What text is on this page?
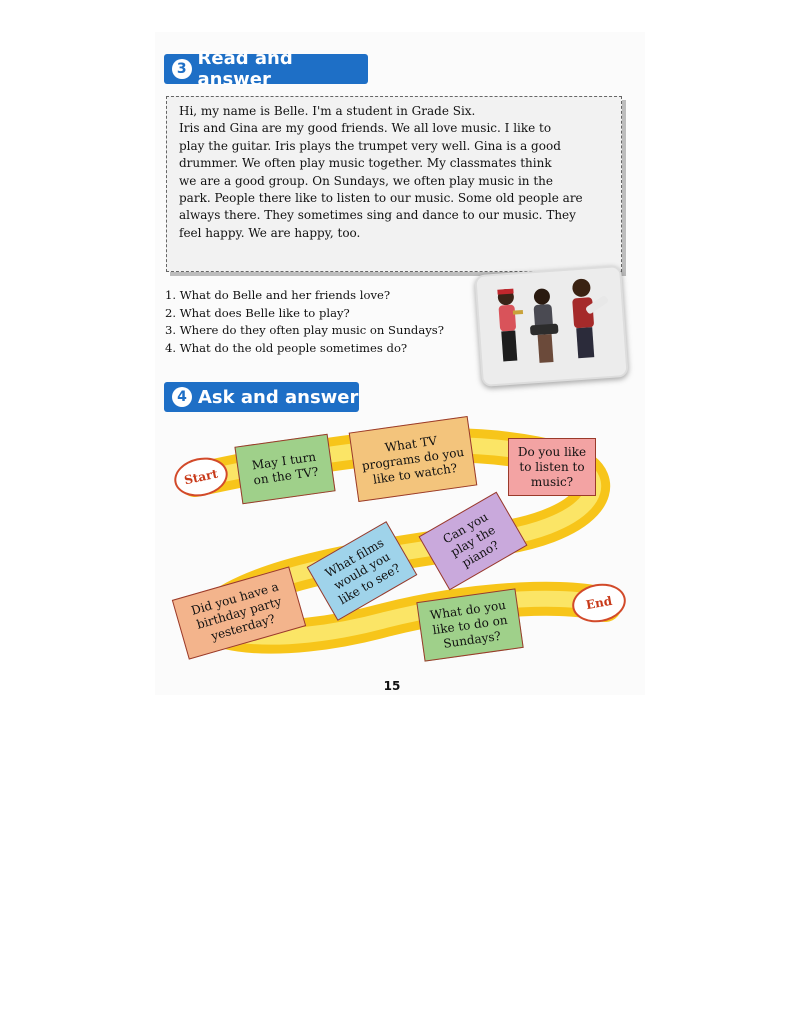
3 Read and answer
Hi, my name is Belle. I'm a student in Grade Six.
Iris and Gina are my good friends. We all love music. I like to
play the guitar. Iris plays the trumpet very well. Gina is a good
drummer. We often play music together. My classmates think
we are a good group. On Sundays, we often play music in the
park. People there like to listen to our music. Some old people are
always there. They sometimes sing and dance to our music. They
feel happy. We are happy, too.
1. What do Belle and her friends love?
2. What does Belle like to play?
3. Where do they often play music on Sundays?
4. What do the old people sometimes do?
4 Ask and answer
Start
End
May I turn
on the TV?
What TV
programs do you
like to watch?
Do you like
to listen to
music?
Can you
play the
piano?
What films
would you
like to see?
Did you have a
birthday party
yesterday?
What do you
like to do on
Sundays?
15
